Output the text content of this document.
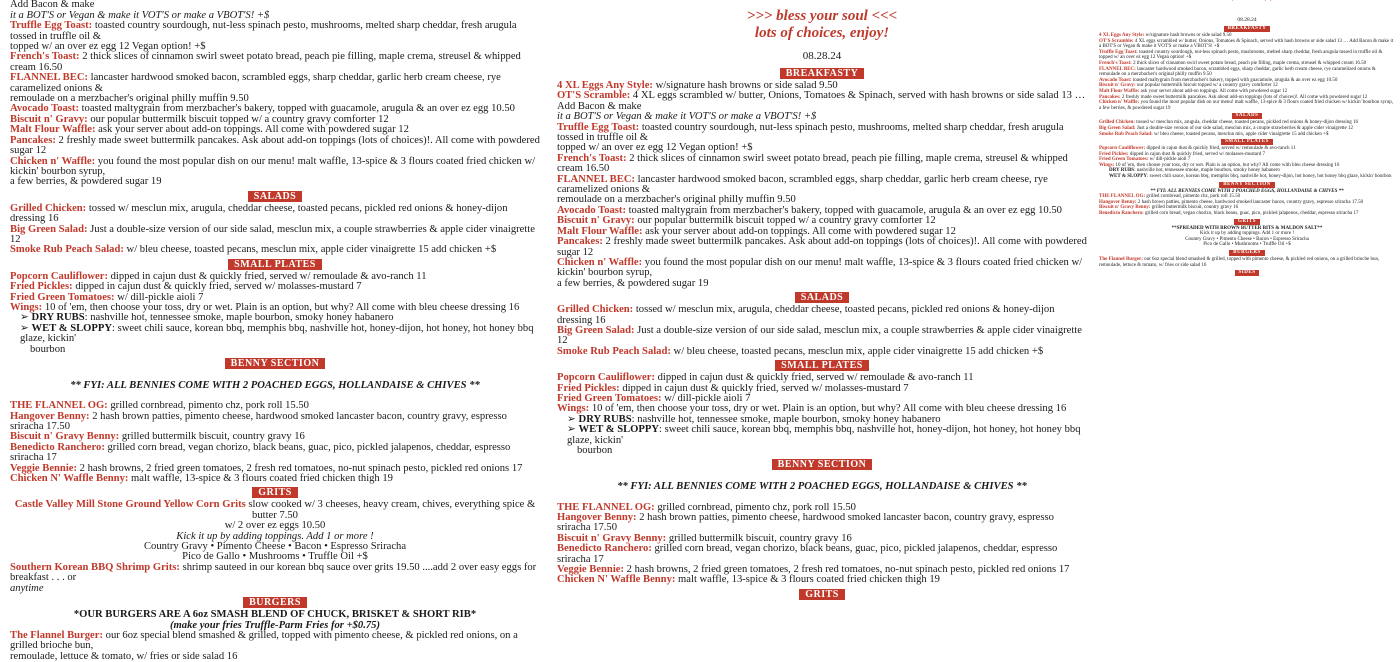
Add Bacon & make

it a BOT'S or Vegan & make it VOT'S or make a VBOT'S! +$

Truffle Egg Toast: toasted country sourdough, nut-less spinach pesto, mushrooms, melted sharp cheddar, fresh arugula tossed in truffle oil &

topped w/ an over ez egg 12 Vegan option! +$

French's Toast: 2 thick slices of cinnamon swirl sweet potato bread, peach pie filling, maple crema, streusel & whipped cream 16.50

FLANNEL BEC: lancaster hardwood smoked bacon, scrambled eggs, sharp cheddar, garlic herb cream cheese, rye caramelized onions &

remoulade on a merzbacher's original philly muffin 9.50

Avocado Toast: toasted maltygrain from merzbacher's bakery, topped with guacamole, arugula & an over ez egg 10.50

Biscuit n' Gravy: our popular buttermilk biscuit topped w/ a country gravy comforter 12

Malt Flour Waffle: ask your server about add-on toppings. All come with powdered sugar 12

Pancakes: 2 freshly made sweet buttermilk pancakes. Ask about add-on toppings (lots of choices)!. All come with powdered sugar 12

Chicken n' Waffle: you found the most popular dish on our menu! malt waffle, 13-spice & 3 flours coated fried chicken w/ kickin' bourbon syrup,

a few berries, & powdered sugar 19

SALADS

Grilled Chicken: tossed w/ mesclun mix, arugula, cheddar cheese, toasted pecans, pickled red onions & honey-dijon dressing 16

Big Green Salad: Just a double-size version of our side salad, mesclun mix, a couple strawberries & apple cider vinaigrette 12

Smoke Rub Peach Salad: w/ bleu cheese, toasted pecans, mesclun mix, apple cider vinaigrette 15 add chicken +$

SMALL PLATES

Popcorn Cauliflower: dipped in cajun dust & quickly fried, served w/ remoulade & avo-ranch 11

Fried Pickles: dipped in cajun dust & quickly fried, served w/ molasses-mustard 7

Fried Green Tomatoes: w/ dill-pickle aioli 7

Wings: 10 of 'em, then choose your toss, dry or wet. Plain is an option, but why? All come with bleu cheese dressing 16

➢ DRY RUBS: nashville hot, tennessee smoke, maple bourbon, smoky honey habanero

➢ WET & SLOPPY: sweet chili sauce, korean bbq, memphis bbq, nashville hot, honey-dijon, hot honey, hot honey bbq glaze, kickin'

bourbon

BENNY SECTION

** FYI: ALL BENNIES COME WITH 2 POACHED EGGS, HOLLANDAISE & CHIVES **

THE FLANNEL OG: grilled cornbread, pimento chz, pork roll 15.50

Hangover Benny: 2 hash brown patties, pimento cheese, hardwood smoked lancaster bacon, country gravy, espresso sriracha 17.50

Biscuit n' Gravy Benny: grilled buttermilk biscuit, country gravy 16

Benedicto Ranchero: grilled corn bread, vegan chorizo, black beans, guac, pico, pickled jalapenos, cheddar, espresso sriracha 17

Veggie Bennie: 2 hash browns, 2 fried green tomatoes, 2 fresh red tomatoes, no-nut spinach pesto, pickled red onions 17

Chicken N' Waffle Benny: malt waffle, 13-spice & 3 flours coated fried chicken thigh 19

GRITS

Castle Valley Mill Stone Ground Yellow Corn Grits slow cooked w/ 3 cheeses, heavy cream, chives, everything spice & butter 7.50

w/ 2 over ez eggs 10.50

Kick it up by adding toppings. Add 1 or more !

Country Gravy • Pimento Cheese • Bacon • Espresso Sriracha

Pico de Gallo • Mushrooms • Truffle Oil +$

Southern Korean BBQ Shrimp Grits: shrimp sauteed in our korean bbq sauce over grits 19.50 ....add 2 over easy eggs for breakfast . . . or

anytime

BURGERS

*OUR BURGERS ARE A 6oz SMASH BLEND OF CHUCK, BRISKET & SHORT RIB*

(make your fries Truffle-Parm Fries for +$0.75)

The Flannel Burger: our 6oz special blend smashed & grilled, topped with pimento cheese, & pickled red onions, on a grilled brioche bun,

remoulade, lettuce & tomato, w/ fries or side salad 16

>>> bless your soul <<<

lots of choices, enjoy!

08.28.24

BREAKFASTY

4 XL Eggs Any Style: w/signature hash browns or side salad 9.50

OT'S Scramble: 4 XL eggs scrambled w/ butter, Onions, Tomatoes & Spinach, served with hash browns or side salad 13 … Add Bacon & make

it a BOT'S or Vegan & make it VOT'S or make a VBOT'S! +$

Truffle Egg Toast: toasted country sourdough, nut-less spinach pesto, mushrooms, melted sharp cheddar, fresh arugula tossed in truffle oil &

topped w/ an over ez egg 12 Vegan option! +$

French's Toast: 2 thick slices of cinnamon swirl sweet potato bread, peach pie filling, maple crema, streusel & whipped cream 16.50

FLANNEL BEC: lancaster hardwood smoked bacon, scrambled eggs, sharp cheddar, garlic herb cream cheese, rye caramelized onions &

remoulade on a merzbacher's original philly muffin 9.50

Avocado Toast: toasted maltygrain from merzbacher's bakery, topped with guacamole, arugula & an over ez egg 10.50

Biscuit n' Gravy: our popular buttermilk biscuit topped w/ a country gravy comforter 12

Malt Flour Waffle: ask your server about add-on toppings. All come with powdered sugar 12

Pancakes: 2 freshly made sweet buttermilk pancakes. Ask about add-on toppings (lots of choices)!. All come with powdered sugar 12

Chicken n' Waffle: you found the most popular dish on our menu! malt waffle, 13-spice & 3 flours coated fried chicken w/ kickin' bourbon syrup,

a few berries, & powdered sugar 19

SALADS

Grilled Chicken: tossed w/ mesclun mix, arugula, cheddar cheese, toasted pecans, pickled red onions & honey-dijon dressing 16

Big Green Salad: Just a double-size version of our side salad, mesclun mix, a couple strawberries & apple cider vinaigrette 12

Smoke Rub Peach Salad: w/ bleu cheese, toasted pecans, mesclun mix, apple cider vinaigrette 15 add chicken +$

SMALL PLATES

Popcorn Cauliflower: dipped in cajun dust & quickly fried, served w/ remoulade & avo-ranch 11

Fried Pickles: dipped in cajun dust & quickly fried, served w/ molasses-mustard 7

Fried Green Tomatoes: w/ dill-pickle aioli 7

Wings: 10 of 'em, then choose your toss, dry or wet. Plain is an option, but why? All come with bleu cheese dressing 16

➢ DRY RUBS: nashville hot, tennessee smoke, maple bourbon, smoky honey habanero

➢ WET & SLOPPY: sweet chili sauce, korean bbq, memphis bbq, nashville hot, honey-dijon, hot honey, hot honey bbq glaze, kickin'

bourbon

BENNY SECTION

** FYI: ALL BENNIES COME WITH 2 POACHED EGGS, HOLLANDAISE & CHIVES **

THE FLANNEL OG: grilled cornbread, pimento chz, pork roll 15.50

Hangover Benny: 2 hash brown patties, pimento cheese, hardwood smoked lancaster bacon, country gravy, espresso sriracha 17.50

Biscuit n' Gravy Benny: grilled buttermilk biscuit, country gravy 16

Benedicto Ranchero: grilled corn bread, vegan chorizo, black beans, guac, pico, pickled jalapenos, cheddar, espresso sriracha 17

Veggie Bennie: 2 hash browns, 2 fried green tomatoes, 2 fresh red tomatoes, no-nut spinach pesto, pickled red onions 17

Chicken N' Waffle Benny: malt waffle, 13-spice & 3 flours coated fried chicken thigh 19

GRITS

08.28.24

BREAKFASTY

4 XL Eggs Any Style: w/signature hash browns or side salad 9.50

OT'S Scramble: 4 XL eggs scrambled w/ butter, Onions, Tomatoes & Spinach, served with hash browns or side salad 13 … Add Bacon & make it a BOT'S or Vegan & make it VOT'S or make a VBOT'S! +$

Truffle Egg Toast: toasted country sourdough, nut-less spinach pesto, mushrooms, melted sharp cheddar, fresh arugula tossed in truffle oil & topped w/ an over ez egg 12 Vegan option! +$

French's Toast: 2 thick slices of cinnamon swirl sweet potato bread, peach pie filling, maple crema, streusel & whipped cream 16.50

FLANNEL BEC: lancaster hardwood smoked bacon, scrambled eggs, sharp cheddar, garlic herb cream cheese, rye caramelized onions & remoulade on a merzbacher's original philly muffin 9.50

Avocado Toast: toasted maltygrain from merzbacher's bakery, topped with guacamole, arugula & an over ez egg 10.50

Biscuit n' Gravy: our popular buttermilk biscuit topped w/ a country gravy comforter 12

Malt Flour Waffle: ask your server about add-on toppings. All come with powdered sugar 12

Pancakes: 2 freshly made sweet buttermilk pancakes. Ask about add-on toppings (lots of choices)!. All come with powdered sugar 12

Chicken n' Waffle: you found the most popular dish on our menu! malt waffle, 13-spice & 3 flours coated fried chicken w/ kickin' bourbon syrup, a few berries, & powdered sugar 19

SALADS

Grilled Chicken: tossed w/ mesclun mix, arugula, cheddar cheese, toasted pecans, pickled red onions & honey-dijon dressing 16

Big Green Salad: Just a double-size version of our side salad, mesclun mix, a couple strawberries & apple cider vinaigrette 12

Smoke Rub Peach Salad: w/ bleu cheese, toasted pecans, mesclun mix, apple cider vinaigrette 15 add chicken +$

SMALL PLATES

Popcorn Cauliflower: dipped in cajun dust & quickly fried, served w/ remoulade & avo-ranch 11

Fried Pickles: dipped in cajun dust & quickly fried, served w/ molasses-mustard 7

Fried Green Tomatoes: w/ dill-pickle aioli 7

Wings: 10 of 'em, then choose your toss, dry or wet. Plain is an option, but why? All come with bleu cheese dressing 16

DRY RUBS: nashville hot, tennessee smoke, maple bourbon, smoky honey habanero

WET & SLOPPY: sweet chili sauce, korean bbq, memphis bbq, nashville hot, honey-dijon, hot honey, hot honey bbq glaze, kickin' bourbon

BENNY SECTION

** FYI: ALL BENNIES COME WITH 2 POACHED EGGS, HOLLANDAISE & CHIVES **

THE FLANNEL OG: grilled cornbread, pimento chz, pork roll 15.50

Hangover Benny: 2 hash brown patties, pimento cheese, hardwood smoked lancaster bacon, country gravy, espresso sriracha 17.50

Biscuit n' Gravy Benny: grilled buttermilk biscuit, country gravy 16

Benedicto Ranchero: grilled corn bread, vegan chorizo, black beans, guac, pico, pickled jalapenos, cheddar, espresso sriracha 17

GRITS

**SPREADED WITH BROWN BUTTER BITS & MALDON SALT**

Kick it up by adding toppings. Add 1 or more !

Country Gravy • Pimento Cheese • Bacon • Espresso Sriracha

Pico de Gallo • Mushrooms • Truffle Oil +$

BURGERS

The Flannel Burger: our 6oz special blend smashed & grilled, topped with pimento cheese, & pickled red onions, on a grilled brioche bun, remoulade, lettuce & tomato, w/ fries or side salad 16

SIDES
